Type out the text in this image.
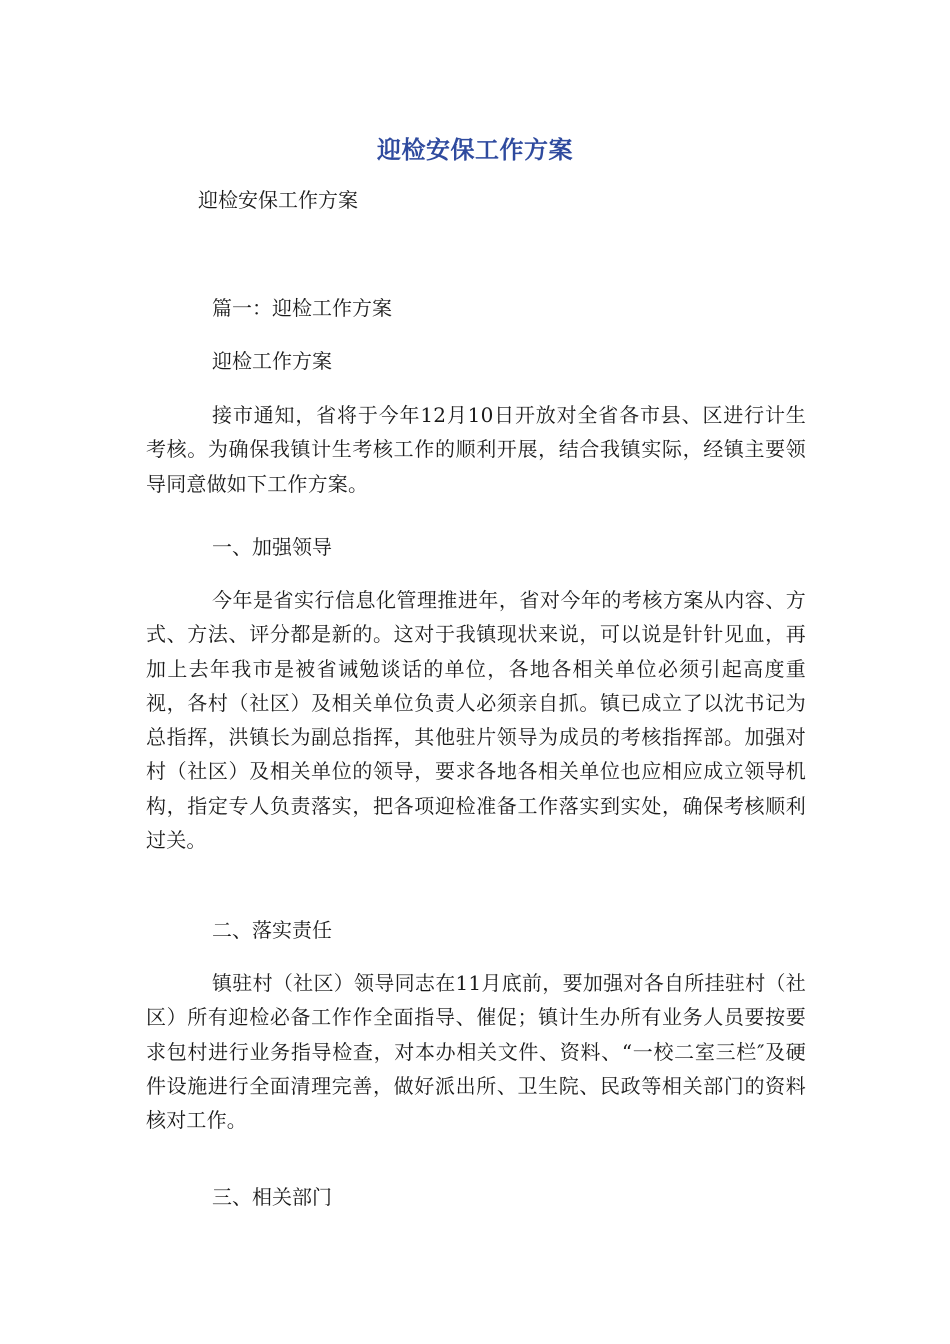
迎检安保工作方案
迎检安保工作方案
篇一：迎检工作方案
迎检工作方案
接市通知，省将于今年12月10日开放对全省各市县、区进行计生考核。为确保我镇计生考核工作的顺利开展，结合我镇实际，经镇主要领导同意做如下工作方案。
一、加强领导
今年是省实行信息化管理推进年，省对今年的考核方案从内容、方式、方法、评分都是新的。这对于我镇现状来说，可以说是针针见血，再加上去年我市是被省诫勉谈话的单位，各地各相关单位必须引起高度重视，各村（社区）及相关单位负责人必须亲自抓。镇已成立了以沈书记为总指挥，洪镇长为副总指挥，其他驻片领导为成员的考核指挥部。加强对村（社区）及相关单位的领导，要求各地各相关单位也应相应成立领导机构，指定专人负责落实，把各项迎检准备工作落实到实处，确保考核顺利过关。
二、落实责任
镇驻村（社区）领导同志在11月底前，要加强对各自所挂驻村（社区）所有迎检必备工作作全面指导、催促；镇计生办所有业务人员要按要求包村进行业务指导检查，对本办相关文件、资料、“一校二室三栏″及硬件设施进行全面清理完善，做好派出所、卫生院、民政等相关部门的资料核对工作。
三、相关部门
